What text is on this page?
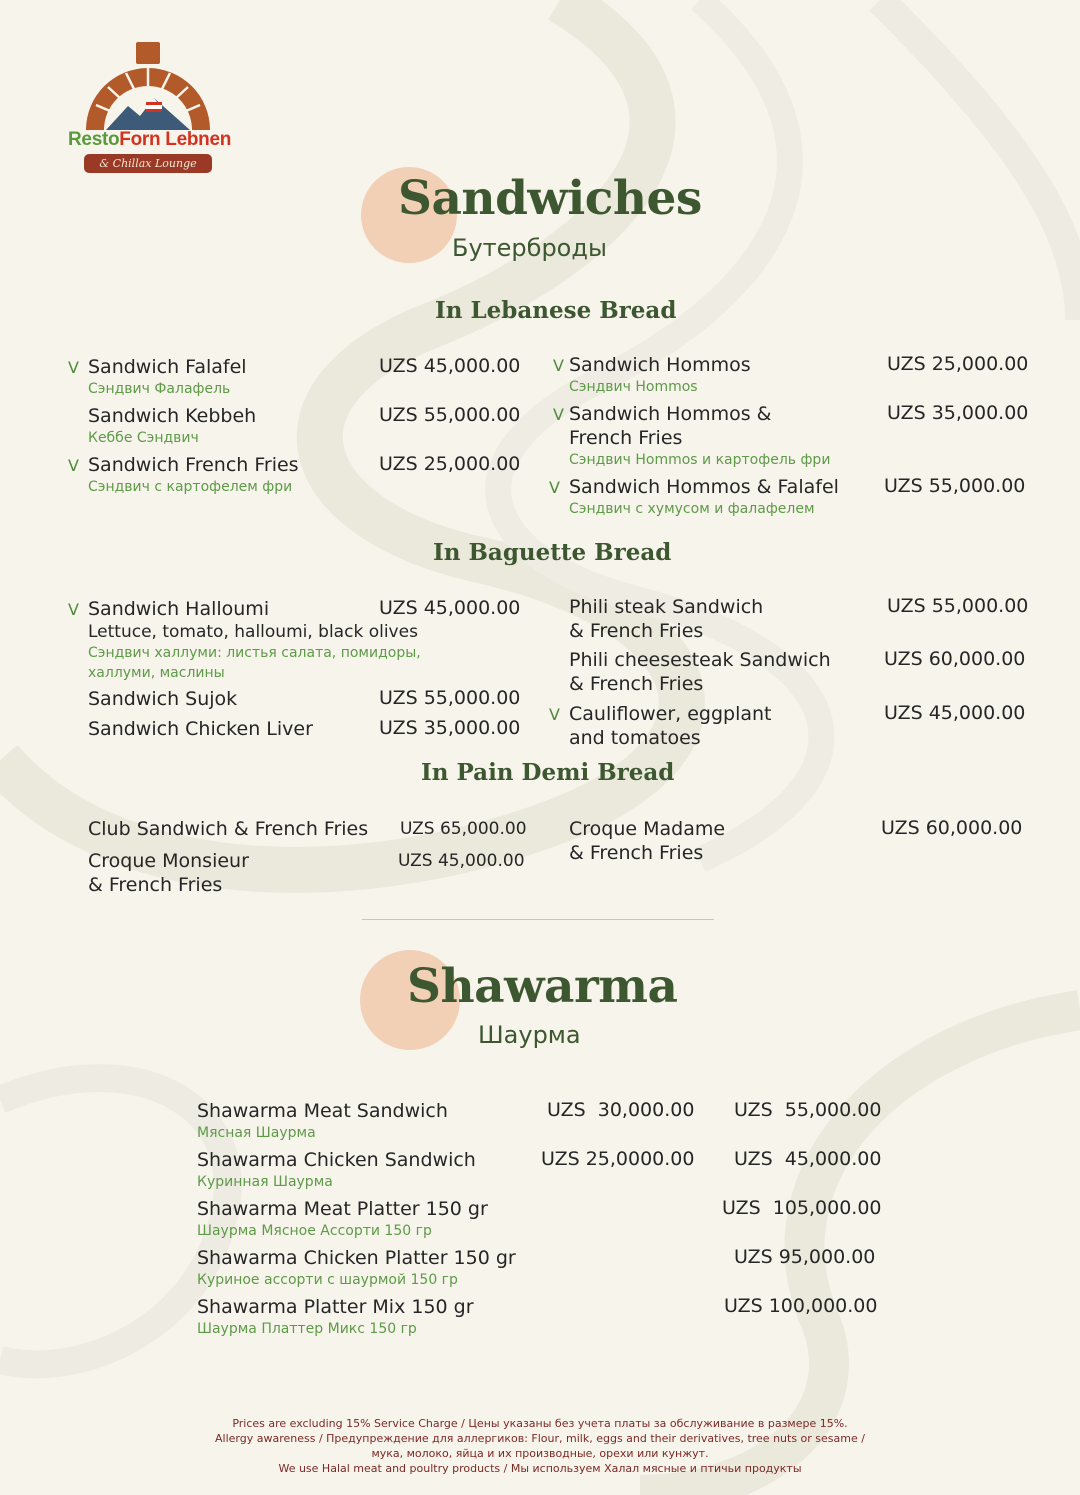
RestoForn Lebnen
& Chillax Lounge
Sandwiches
Бутерброды
In Lebanese Bread
V Sandwich Falafel
Сэндвич Фалафель
UZS 45,000.00
Sandwich Kebbeh
Кеббе Сэндвич
UZS 55,000.00
V Sandwich French Fries
Сэндвич с картофелем фри
UZS 25,000.00
V Sandwich Hommos
Сэндвич Hommos
UZS 25,000.00
V Sandwich Hommos &
French Fries
Сэндвич Hommos и картофель фри
UZS 35,000.00
V Sandwich Hommos & Falafel
Сэндвич с хумусом и фалафелем
UZS 55,000.00
In Baguette Bread
V Sandwich Halloumi
Lettuce, tomato, halloumi, black olives
Сэндвич халлуми: листья салата, помидоры,
халлуми, маслины
UZS 45,000.00
Sandwich Sujok	UZS 55,000.00
Sandwich Chicken Liver	UZS 35,000.00
Phili steak Sandwich
& French Fries
UZS 55,000.00
Phili cheesesteak Sandwich
& French Fries
UZS 60,000.00
V Cauliflower, eggplant
and tomatoes
UZS 45,000.00
In Pain Demi Bread
Club Sandwich & French Fries UZS 65,000.00
Croque Monsieur
& French Fries
UZS 45,000.00
Croque Madame
& French Fries
UZS 60,000.00
Shawarma
Шаурма
Shawarma Meat Sandwich
Мясная Шаурма
UZS  30,000.00 UZS  55,000.00
Shawarma Chicken Sandwich
Куринная Шаурма
UZS 25,0000.00 UZS  45,000.00
Shawarma Meat Platter 150 gr
Шаурма Мясное Ассорти 150 гр
UZS  105,000.00
Shawarma Chicken Platter 150 gr
Куриное ассорти с шаурмой 150 гр
UZS 95,000.00
Shawarma Platter Mix 150 gr
Шаурма Платтер Микс 150 гр
UZS 100,000.00
Prices are excluding 15% Service Charge / Цены указаны без учета платы за обслуживание в размере 15%.
Allergy awareness / Предупреждение для аллергиков: Flour, milk, eggs and their derivatives, tree nuts or sesame /
мука, молоко, яйца и их производные, орехи или кунжут.
We use Halal meat and poultry products / Мы используем Халал мясные и птичьи продукты
